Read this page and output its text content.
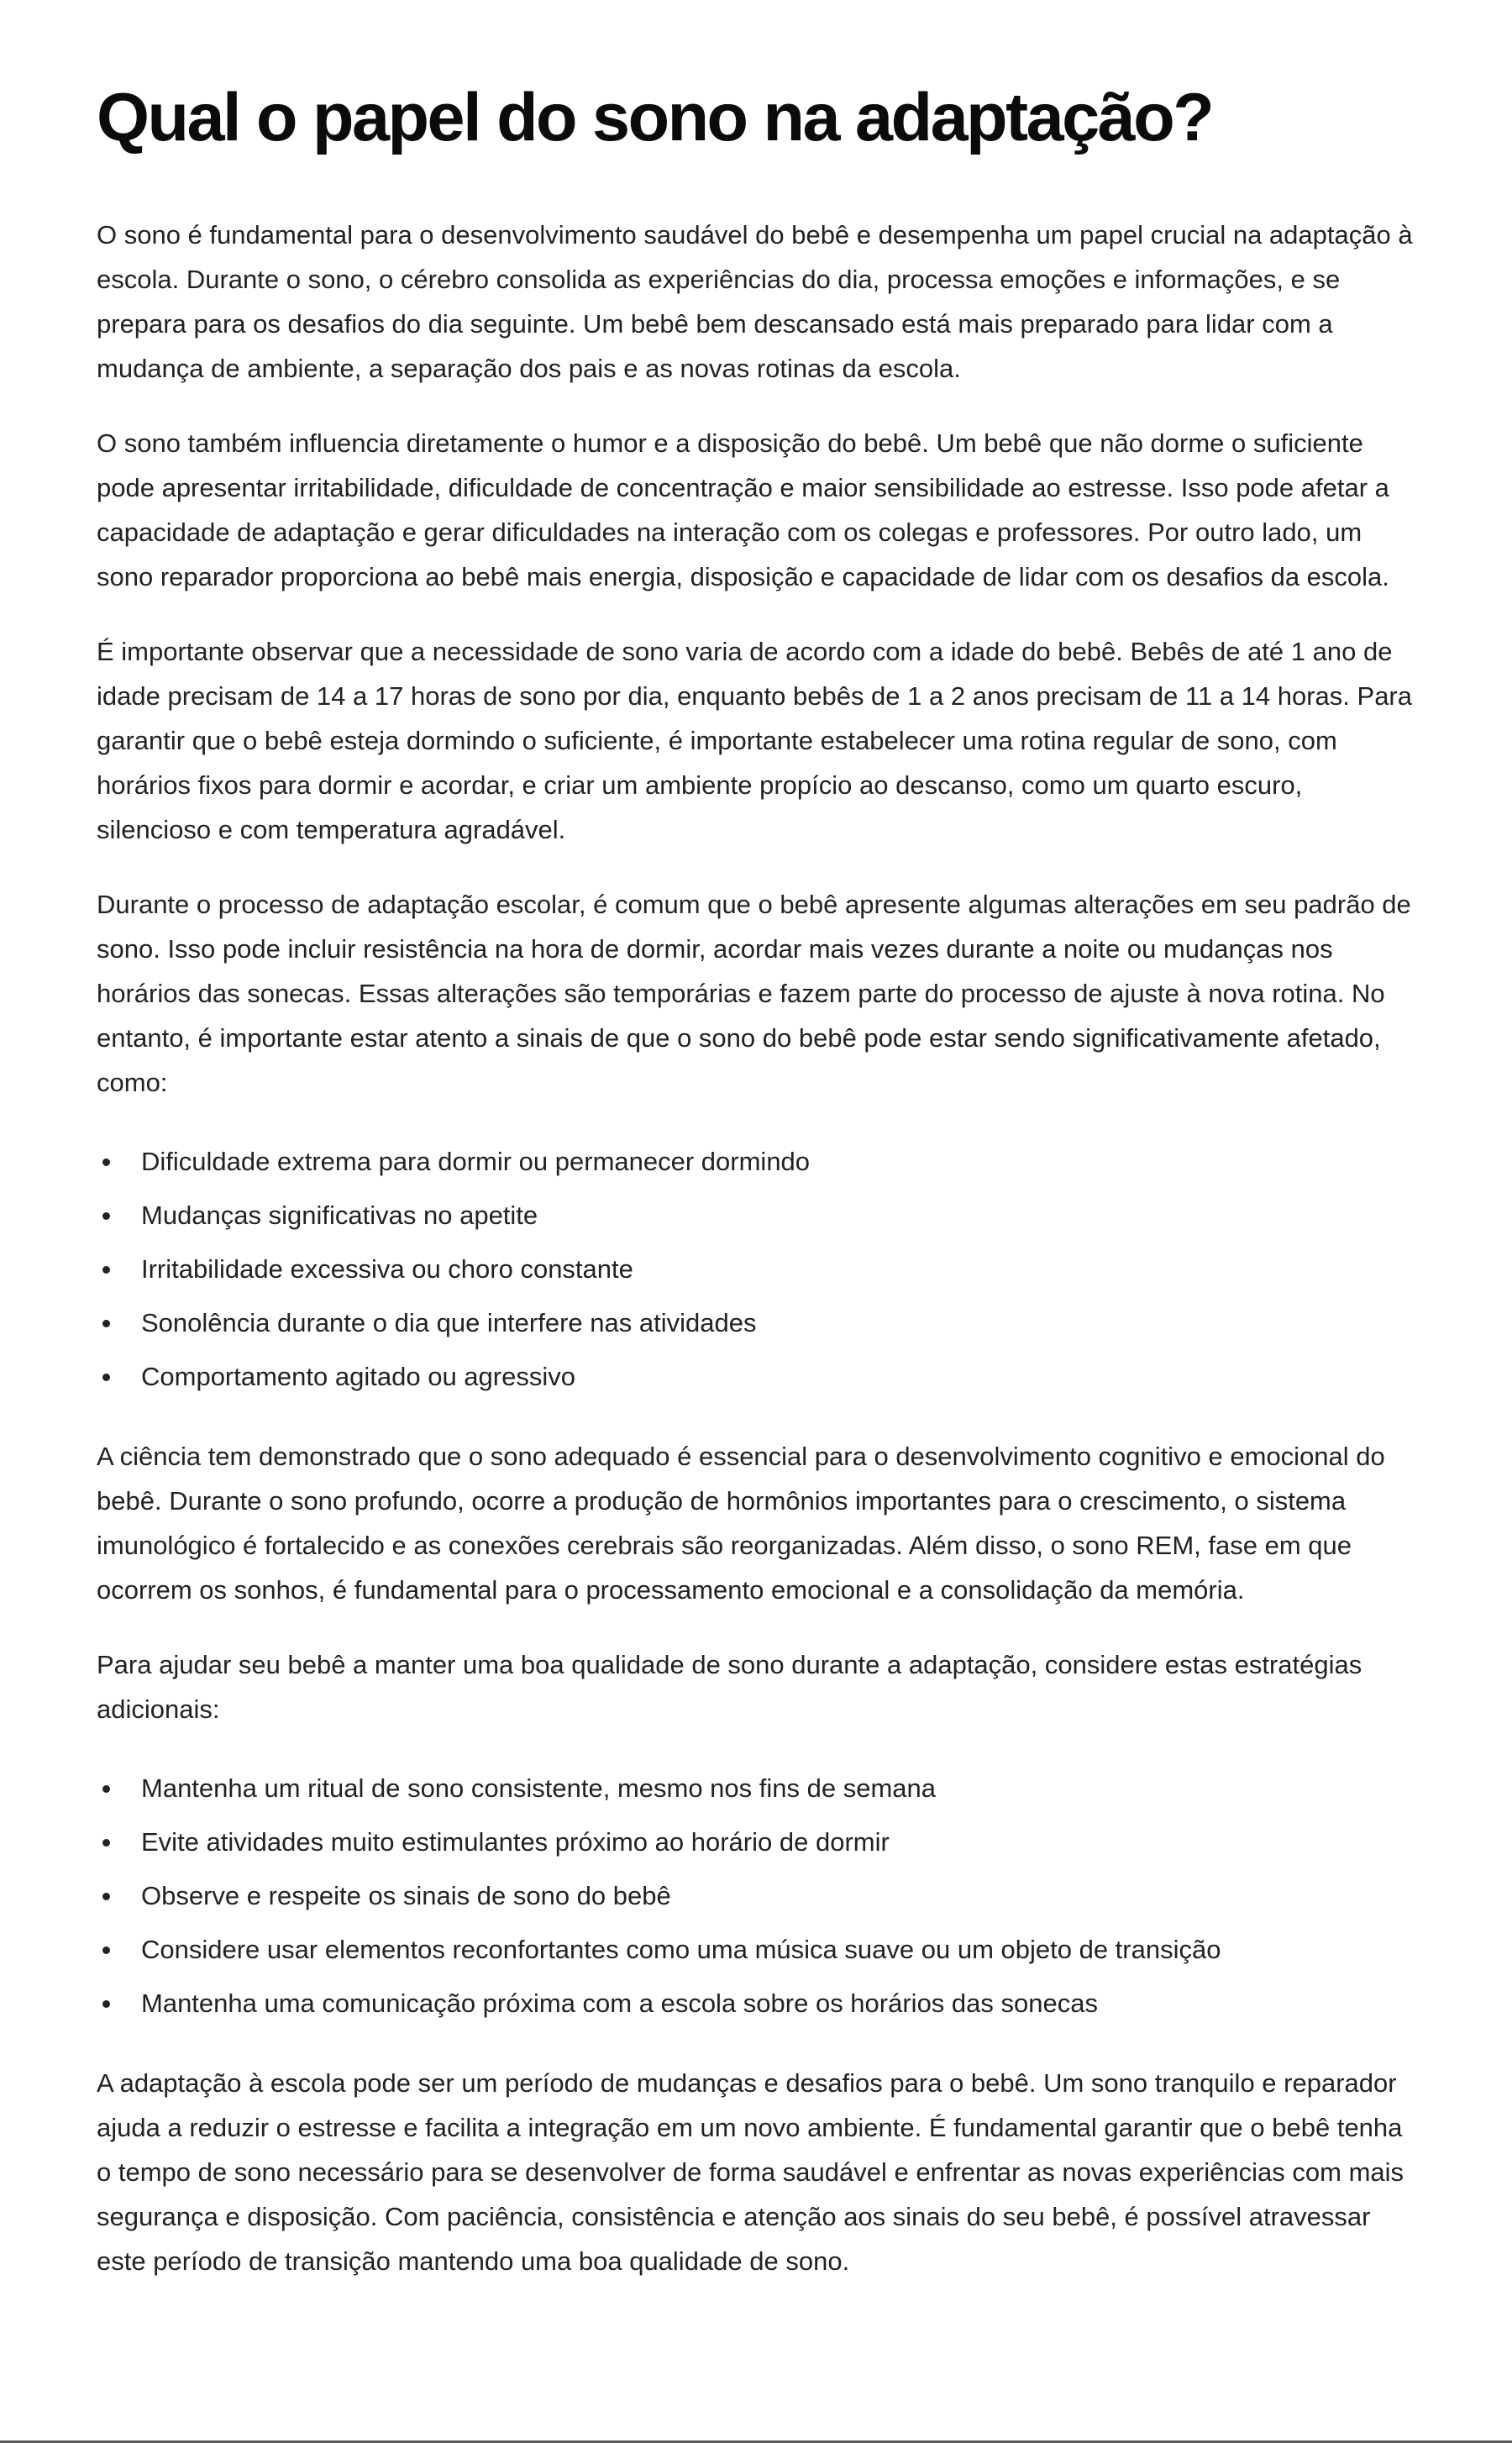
Qual o papel do sono na adaptação?

O sono é fundamental para o desenvolvimento saudável do bebê e desempenha um papel crucial na adaptação à escola. Durante o sono, o cérebro consolida as experiências do dia, processa emoções e informações, e se prepara para os desafios do dia seguinte. Um bebê bem descansado está mais preparado para lidar com a mudança de ambiente, a separação dos pais e as novas rotinas da escola.

O sono também influencia diretamente o humor e a disposição do bebê. Um bebê que não dorme o suficiente pode apresentar irritabilidade, dificuldade de concentração e maior sensibilidade ao estresse. Isso pode afetar a capacidade de adaptação e gerar dificuldades na interação com os colegas e professores. Por outro lado, um sono reparador proporciona ao bebê mais energia, disposição e capacidade de lidar com os desafios da escola.

É importante observar que a necessidade de sono varia de acordo com a idade do bebê. Bebês de até 1 ano de idade precisam de 14 a 17 horas de sono por dia, enquanto bebês de 1 a 2 anos precisam de 11 a 14 horas. Para garantir que o bebê esteja dormindo o suficiente, é importante estabelecer uma rotina regular de sono, com horários fixos para dormir e acordar, e criar um ambiente propício ao descanso, como um quarto escuro, silencioso e com temperatura agradável.

Durante o processo de adaptação escolar, é comum que o bebê apresente algumas alterações em seu padrão de sono. Isso pode incluir resistência na hora de dormir, acordar mais vezes durante a noite ou mudanças nos horários das sonecas. Essas alterações são temporárias e fazem parte do processo de ajuste à nova rotina. No entanto, é importante estar atento a sinais de que o sono do bebê pode estar sendo significativamente afetado, como:

Dificuldade extrema para dormir ou permanecer dormindo
Mudanças significativas no apetite
Irritabilidade excessiva ou choro constante
Sonolência durante o dia que interfere nas atividades
Comportamento agitado ou agressivo

A ciência tem demonstrado que o sono adequado é essencial para o desenvolvimento cognitivo e emocional do bebê. Durante o sono profundo, ocorre a produção de hormônios importantes para o crescimento, o sistema imunológico é fortalecido e as conexões cerebrais são reorganizadas. Além disso, o sono REM, fase em que ocorrem os sonhos, é fundamental para o processamento emocional e a consolidação da memória.

Para ajudar seu bebê a manter uma boa qualidade de sono durante a adaptação, considere estas estratégias adicionais:

Mantenha um ritual de sono consistente, mesmo nos fins de semana
Evite atividades muito estimulantes próximo ao horário de dormir
Observe e respeite os sinais de sono do bebê
Considere usar elementos reconfortantes como uma música suave ou um objeto de transição
Mantenha uma comunicação próxima com a escola sobre os horários das sonecas

A adaptação à escola pode ser um período de mudanças e desafios para o bebê. Um sono tranquilo e reparador ajuda a reduzir o estresse e facilita a integração em um novo ambiente. É fundamental garantir que o bebê tenha o tempo de sono necessário para se desenvolver de forma saudável e enfrentar as novas experiências com mais segurança e disposição. Com paciência, consistência e atenção aos sinais do seu bebê, é possível atravessar este período de transição mantendo uma boa qualidade de sono.
